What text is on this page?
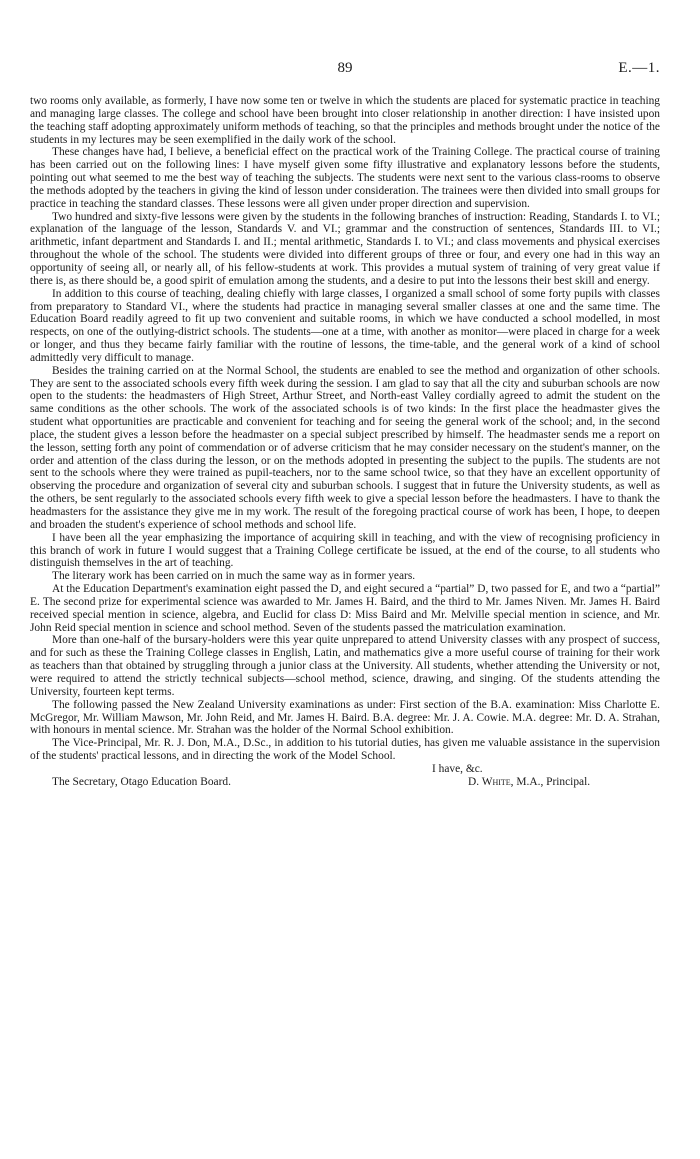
89	E.—1.

two rooms only available, as formerly, I have now some ten or twelve in which the students are placed for systematic practice in teaching and managing large classes. The college and school have been brought into closer relationship in another direction: I have insisted upon the teaching staff adopting approximately uniform methods of teaching, so that the principles and methods brought under the notice of the students in my lectures may be seen exemplified in the daily work of the school.

These changes have had, I believe, a beneficial effect on the practical work of the Training College. The practical course of training has been carried out on the following lines: I have myself given some fifty illustrative and explanatory lessons before the students, pointing out what seemed to me the best way of teaching the subjects. The students were next sent to the various class-rooms to observe the methods adopted by the teachers in giving the kind of lesson under consideration. The trainees were then divided into small groups for practice in teaching the standard classes. These lessons were all given under proper direction and supervision.

Two hundred and sixty-five lessons were given by the students in the following branches of instruction: Reading, Standards I. to VI.; explanation of the language of the lesson, Standards V. and VI.; grammar and the construction of sentences, Standards III. to VI.; arithmetic, infant department and Standards I. and II.; mental arithmetic, Standards I. to VI.; and class movements and physical exercises throughout the whole of the school. The students were divided into different groups of three or four, and every one had in this way an opportunity of seeing all, or nearly all, of his fellow-students at work. This provides a mutual system of training of very great value if there is, as there should be, a good spirit of emulation among the students, and a desire to put into the lessons their best skill and energy.

In addition to this course of teaching, dealing chiefly with large classes, I organized a small school of some forty pupils with classes from preparatory to Standard VI., where the students had practice in managing several smaller classes at one and the same time. The Education Board readily agreed to fit up two convenient and suitable rooms, in which we have conducted a school modelled, in most respects, on one of the outlying-district schools. The students—one at a time, with another as monitor—were placed in charge for a week or longer, and thus they became fairly familiar with the routine of lessons, the time-table, and the general work of a kind of school admittedly very difficult to manage.

Besides the training carried on at the Normal School, the students are enabled to see the method and organization of other schools. They are sent to the associated schools every fifth week during the session. I am glad to say that all the city and suburban schools are now open to the students: the headmasters of High Street, Arthur Street, and North-east Valley cordially agreed to admit the student on the same conditions as the other schools. The work of the associated schools is of two kinds: In the first place the headmaster gives the student what opportunities are practicable and convenient for teaching and for seeing the general work of the school; and, in the second place, the student gives a lesson before the headmaster on a special subject prescribed by himself. The headmaster sends me a report on the lesson, setting forth any point of commendation or of adverse criticism that he may consider necessary on the student's manner, on the order and attention of the class during the lesson, or on the methods adopted in presenting the subject to the pupils. The students are not sent to the schools where they were trained as pupil-teachers, nor to the same school twice, so that they have an excellent opportunity of observing the procedure and organization of several city and suburban schools. I suggest that in future the University students, as well as the others, be sent regularly to the associated schools every fifth week to give a special lesson before the headmasters. I have to thank the headmasters for the assistance they give me in my work. The result of the foregoing practical course of work has been, I hope, to deepen and broaden the student's experience of school methods and school life.

I have been all the year emphasizing the importance of acquiring skill in teaching, and with the view of recognising proficiency in this branch of work in future I would suggest that a Training College certificate be issued, at the end of the course, to all students who distinguish themselves in the art of teaching.

The literary work has been carried on in much the same way as in former years.

At the Education Department's examination eight passed the D, and eight secured a “partial” D, two passed for E, and two a “partial” E. The second prize for experimental science was awarded to Mr. James H. Baird, and the third to Mr. James Niven. Mr. James H. Baird received special mention in science, algebra, and Euclid for class D: Miss Baird and Mr. Melville special mention in science, and Mr. John Reid special mention in science and school method. Seven of the students passed the matriculation examination.

More than one-half of the bursary-holders were this year quite unprepared to attend University classes with any prospect of success, and for such as these the Training College classes in English, Latin, and mathematics give a more useful course of training for their work as teachers than that obtained by struggling through a junior class at the University. All students, whether attending the University or not, were required to attend the strictly technical subjects—school method, science, drawing, and singing. Of the students attending the University, fourteen kept terms.

The following passed the New Zealand University examinations as under: First section of the B.A. examination: Miss Charlotte E. McGregor, Mr. William Mawson, Mr. John Reid, and Mr. James H. Baird. B.A. degree: Mr. J. A. Cowie. M.A. degree: Mr. D. A. Strahan, with honours in mental science. Mr. Strahan was the holder of the Normal School exhibition.

The Vice-Principal, Mr. R. J. Don, M.A., D.Sc., in addition to his tutorial duties, has given me valuable assistance in the supervision of the students' practical lessons, and in directing the work of the Model School.

I have, &c.
The Secretary, Otago Education Board.	D. White, M.A., Principal.
